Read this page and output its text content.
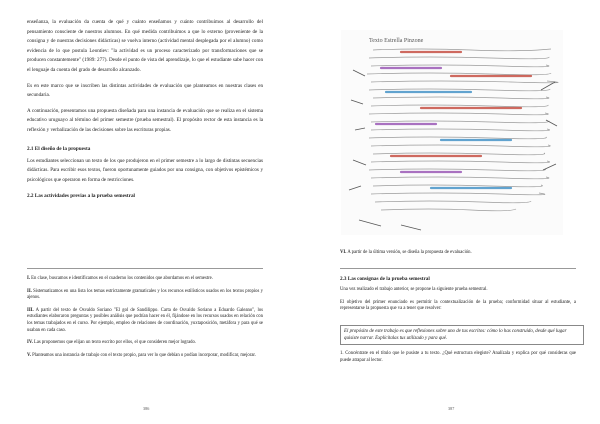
enseñanza, la evaluación da cuenta de qué y cuánto enseñamos y cuánto contribuimos al desarrollo del pensamiento consciente de nuestros alumnos. En qué medida contribuimos a que lo externo (proveniente de la consigna y de nuestras decisiones didácticas) se vuelva interno (actividad mental desplegada por el alumno) como evidencia de lo que postula Leontiev: "la actividad es un proceso caracterizado por transformaciones que se producen constantemente" (1989: 277). Desde el punto de vista del aprendizaje, lo que el estudiante sabe hacer con el lenguaje da cuenta del grado de desarrollo alcanzado.

Es en este marco que se inscriben las distintas actividades de evaluación que planteamos en nuestras clases en secundaria.

A continuación, presentamos una propuesta diseñada para una instancia de evaluación que se realiza en el sistema educativo uruguayo al término del primer semestre (prueba semestral). El propósito rector de esta instancia es la reflexión y verbalización de las decisiones sobre las escrituras propias.

2.1 El diseño de la propuesta

Los estudiantes seleccionan un texto de los que produjeron en el primer semestre a lo largo de distintas secuencias didácticas. Para escribir esos textos, fueron oportunamente guiados por una consigna, con objetivos epistémicos y psicológicos que operaron en forma de restricciones.

2.2 Las actividades previas a la prueba semestral

I. En clase, buscamos e identificamos en el cuaderno los contenidos que abordamos en el semestre.

II. Sistematizamos en una lista los temas estrictamente gramaticales y los recursos estilísticos usados en los textos propios y ajenos.

III. A partir del texto de Osvaldo Soriano "El gol de Sandilippo. Carta de Osvaldo Soriano a Eduardo Galeano", los estudiantes elaboraron preguntas y posibles análisis que podrían hacer en él, fijándose en los recursos usados en relación con los temas trabajados en el curso. Por ejemplo, empleo de relaciones de coordinación, yuxtaposición, metáfora y para qué se usaban en cada caso.

IV. Las proponemos que elijan un texto escrito por ellos, el que consideren mejor logrado.

V. Planteamos una instancia de trabajo con el texto propio, para ver lo que debían o podían incorporar, modificar, mejorar.

386
Texto Estrella Pinzone

VI. A partir de la última versión, se diseña la propuesta de evaluación.

2.3 Las consignas de la prueba semestral

Una vez realizado el trabajo anterior, se propone la siguiente prueba semestral.

El objetivo del primer enunciado es permitir la contextualización de la prueba; conformidad situar al estudiante, a representarse la propuesta que va a tener que resolver:

El propósito de este trabajo es que reflexiones sobre uno de tus escritos: cómo lo has construido, desde qué lugar quisiste narrar. Explicítalas tus utilizado y para qué.

1. Concéntrate en el título que le pusiste a tu texto. ¿Qué estructura elegiste? Analízala y explica por qué consideras que puede atrapar al lector.

387
